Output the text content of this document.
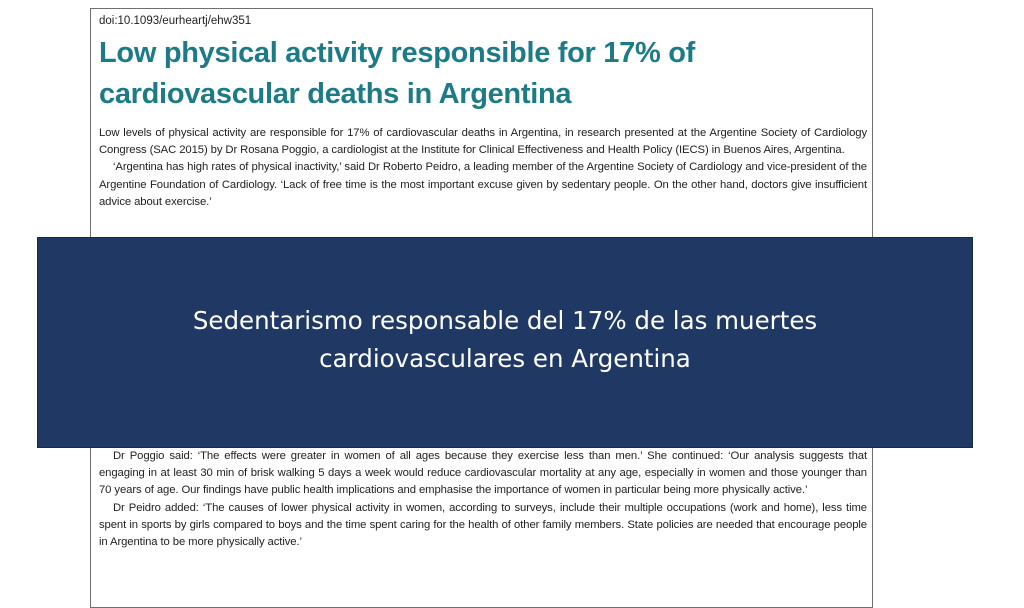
doi:10.1093/eurheartj/ehw351
Low physical activity responsible for 17% of cardiovascular deaths in Argentina

Low levels of physical activity are responsible for 17% of cardiovascular deaths in Argentina, in research presented at the Argentine Society of Cardiology Congress (SAC 2015) by Dr Rosana Poggio, a cardiologist at the Institute for Clinical Effectiveness and Health Policy (IECS) in Buenos Aires, Argentina.

‘Argentina has high rates of physical inactivity,’ said Dr Roberto Peidro, a leading member of the Argentine Society of Cardiology and vice-president of the Argentine Foundation of Cardiology. ‘Lack of free time is the most important excuse given by sedentary people. On the other hand, doctors give insufficient advice about exercise.’

Dr Poggio said: ‘The effects were greater in women of all ages because they exercise less than men.’ She continued: ‘Our analysis suggests that engaging in at least 30 min of brisk walking 5 days a week would reduce cardiovascular mortality at any age, especially in women and those younger than 70 years of age. Our findings have public health implications and emphasise the importance of women in particular being more physically active.’

Dr Peidro added: ‘The causes of lower physical activity in women, according to surveys, include their multiple occupations (work and home), less time spent in sports by girls compared to boys and the time spent caring for the health of other family members. State policies are needed that encourage people in Argentina to be more physically active.’

Sedentarismo responsable del 17% de las muertes cardiovasculares en Argentina
